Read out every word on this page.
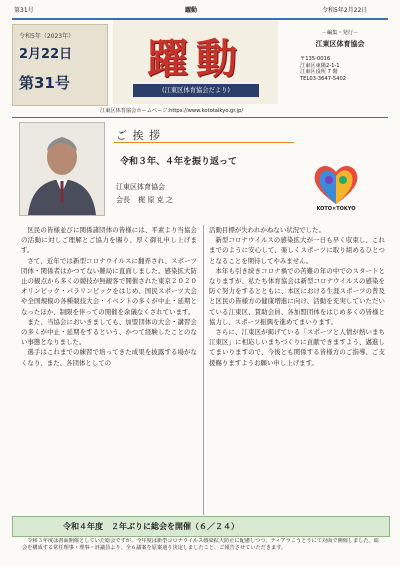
第31号	躍動	令和5年2月22日
令和5年（2023年）
2月22日
第31号	躍動
(江東区体育協会だより)
－編集・発行－
江東区体育協会
〒135-0016
江東区東陽2-1-1
江東区役所 7 階
TEL03-3647-5402
江東区体育協会ホームページ:https://www.kototaikyo.gr.jp/
ご 挨 拶
令和３年、４年を振り返って
江東区体育協会
会長 梶 原 克 之
KOTO×TOKYO

区民の皆様並びに関係諸団体の皆様には、平素より当協会の活動に対しご理解とご協力を賜り、厚く御礼申し上げます。

さて、近年では新型コロナウイルスに翻弄され、スポーツ団体・関係者はかつてない難局に直面しました。感染拡大防止の観点から多くの競技が無観客で開催された東京２０２０オリンピック・パラリンピックをはじめ、国民スポーツ大会や全国規模の各種競技大会・イベントの多くが中止・延期となったほか、制限を伴っての開催を余儀なくされています。

また、当協会においきましても、加盟団体の大会・講習会の多くが中止・延期をするという、かつて経験したことのない事態となりました。

選手はこれまでの練習で培ってきた成果を披露する場がなくなり、また、各団体としての

活動目標が失われかねない状況でした。

新型コロナウイルスの感染拡大が一日も早く収束し、これまでのように安心して、楽しくスポーツに取り組めるひとつとなることを期待してやみません。

本年も引き続きコロナ禍での苦難の年の中でのスタートとなりますが、私たち体育協会は新型コロナウイルスの感染を防ぐ努力をするとともに、本区における生涯スポーツの普及と区民の皆様方の健康増進に向け、活動を充実していただいている江東区、賛助会員、各加盟団体をはじめ多くの皆様と協力し、スポーツ振興を進めてまいります。

さらに、江東区が掲げている「スポーツと人情が熱いまち江東区」に相応しいまちづくりに貢献できますよう、邁進してまいりますので、今後とも関係する皆様方のご指導、ご支援賜りますようお願い申し上げます。

令和４年度　２年ぶりに総会を開催（６／２４）
令和３年度は書面開催としていた総会ですが、今年度は新型コロナウイルス感染拡大防止に配慮しつつ、ティアラこうとうにて対面で開催しました。総会を構成する常任理事・理事・評議員より、全６議案を原案通り決定しましたこと、ご報告させていただきます。
